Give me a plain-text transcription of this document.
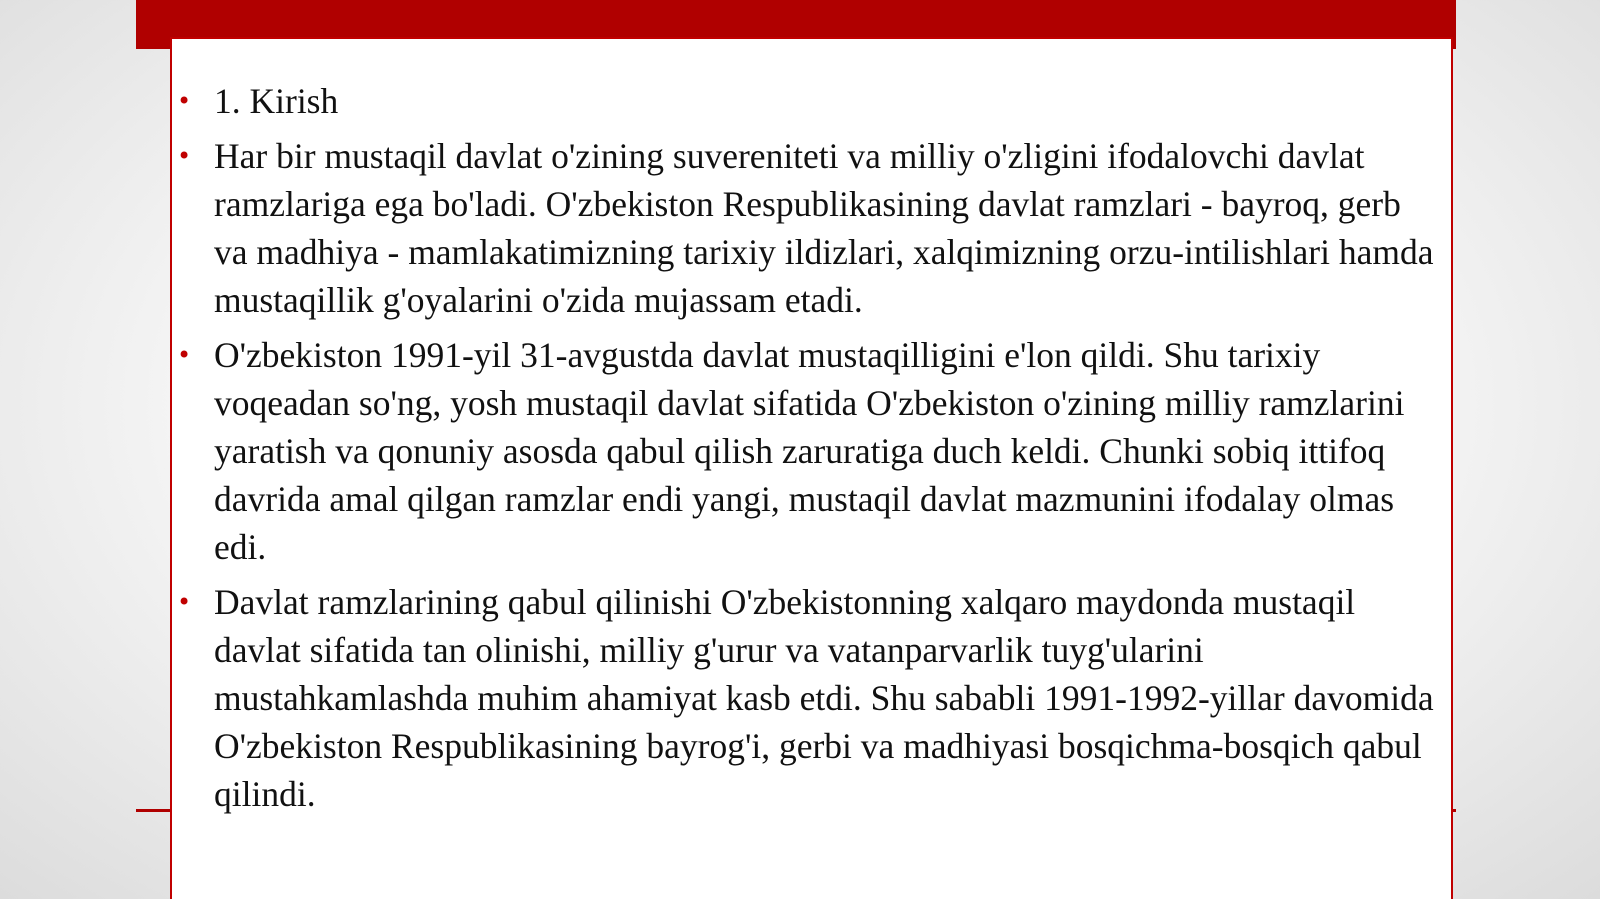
• 1. Kirish
• Har bir mustaqil davlat o'zining suvereniteti va milliy o'zligini ifodalovchi davlat ramzlariga ega bo'ladi. O'zbekiston Respublikasining davlat ramzlari - bayroq, gerb va madhiya - mamlakatimizning tarixiy ildizlari, xalqimizning orzu-intilishlari hamda mustaqillik g'oyalarini o'zida mujassam etadi.
• O'zbekiston 1991-yil 31-avgustda davlat mustaqilligini e'lon qildi. Shu tarixiy voqeadan so'ng, yosh mustaqil davlat sifatida O'zbekiston o'zining milliy ramzlarini yaratish va qonuniy asosda qabul qilish zaruratiga duch keldi. Chunki sobiq ittifoq davrida amal qilgan ramzlar endi yangi, mustaqil davlat mazmunini ifodalay olmas edi.
• Davlat ramzlarining qabul qilinishi O'zbekistonning xalqaro maydonda mustaqil davlat sifatida tan olinishi, milliy g'urur va vatanparvarlik tuyg'ularini mustahkamlashda muhim ahamiyat kasb etdi. Shu sababli 1991-1992-yillar davomida O'zbekiston Respublikasining bayrog'i, gerbi va madhiyasi bosqichma-bosqich qabul qilindi.
